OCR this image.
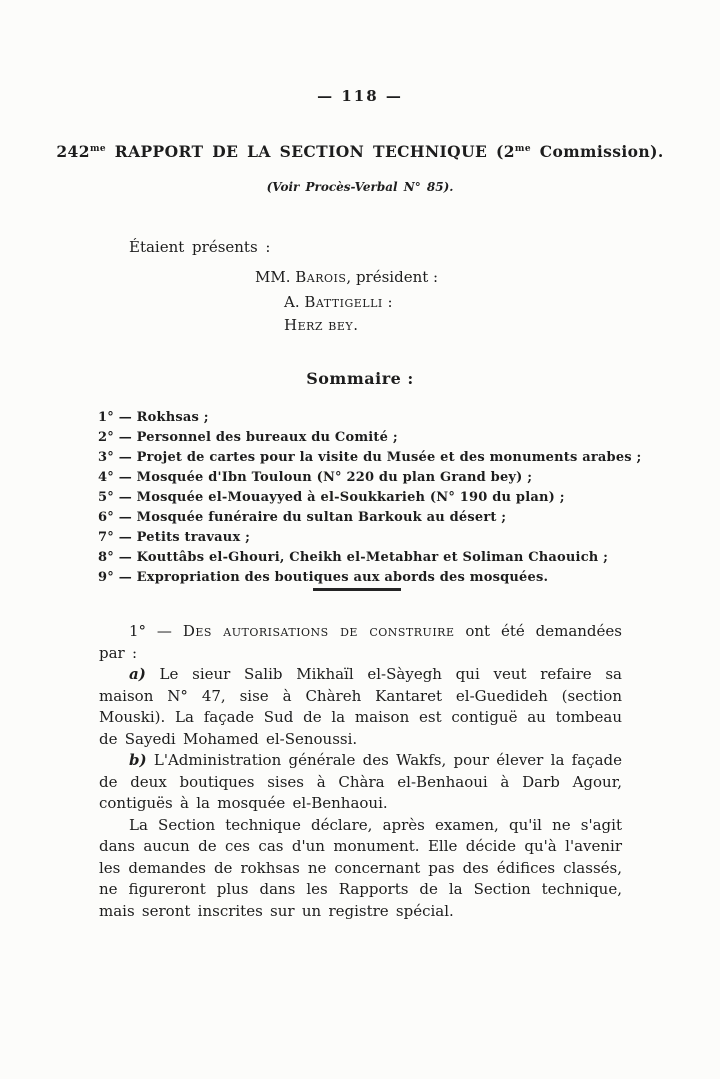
— 118 —
$242^{me}$ RAPPORT DE LA SECTION TECHNIQUE ($2^{me}$ Commission).
(Voir Procès-Verbal N° 85).
Étaient présents :
MM. Barois, président :
A. Battigelli :
Herz bey.
Sommaire :
1° — Rokhsas ;
2° — Personnel des bureaux du Comité ;
3° — Projet de cartes pour la visite du Musée et des monuments arabes ;
4° — Mosquée d'Ibn Touloun (N° 220 du plan Grand bey) ;
5° — Mosquée el-Mouayyed à el-Soukkarieh (N° 190 du plan) ;
6° — Mosquée funéraire du sultan Barkouk au désert ;
7° — Petits travaux ;
8° — Kouttâbs el-Ghouri, Cheikh el-Metabhar et Soliman Chaouich ;
9° — Expropriation des boutiques aux abords des mosquées.

1° — Des autorisations de construire ont été demandées par :

a) Le sieur Salib Mikhaïl el-Sàyegh qui veut refaire sa maison N° 47, sise à Chàreh Kantaret el-Guedideh (section Mouski). La façade Sud de la maison est contiguë au tombeau de Sayedi Mohamed el-Senoussi.

b) L'Administration générale des Wakfs, pour élever la façade de deux boutiques sises à Chàra el-Benhaoui à Darb Agour, contiguës à la mosquée el-Benhaoui.

La Section technique déclare, après examen, qu'il ne s'agit dans aucun de ces cas d'un monument. Elle décide qu'à l'avenir les demandes de rokhsas ne concernant pas des édifices classés, ne figureront plus dans les Rapports de la Section technique, mais seront inscrites sur un registre spécial.
